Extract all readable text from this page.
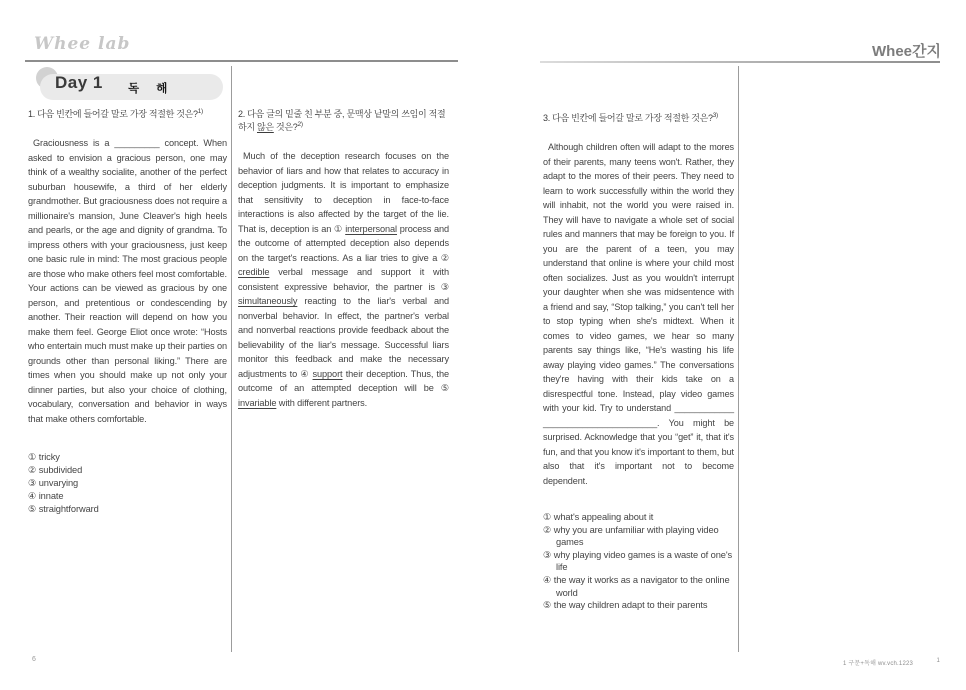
Whee lab	Whee간지
Day 1 독 해
1. 다음 빈칸에 들어갈 말로 가장 적절한 것은?$^{1)}$
Graciousness is a _________ concept. When asked to envision a gracious person, one may think of a wealthy socialite, another of the perfect suburban housewife, a third of her elderly grandmother. But graciousness does not require a millionaire's mansion, June Cleaver's high heels and pearls, or the age and dignity of grandma. To impress others with your graciousness, just keep one basic rule in mind: The most gracious people are those who make others feel most comfortable. Your actions can be viewed as gracious by one person, and pretentious or condescending by another. Their reaction will depend on how you make them feel. George Eliot once wrote: “Hosts who entertain much must make up their parties on grounds other than personal liking.” There are times when you should make up not only your dinner parties, but also your choice of clothing, vocabulary, conversation and behavior in ways that make others comfortable.
① tricky
② subdivided
③ unvarying
④ innate
⑤ straightforward
2. 다음 글의 밑줄 친 부분 중, 문맥상 낱말의 쓰임이 적절하지 않은 것은?$^{2)}$
Much of the deception research focuses on the behavior of liars and how that relates to accuracy in deception judgments. It is important to emphasize that sensitivity to deception in face-to-face interactions is also affected by the target of the lie. That is, deception is an ① interpersonal process and the outcome of attempted deception also depends on the target's reactions. As a liar tries to give a ② credible verbal message and support it with consistent expressive behavior, the partner is ③ simultaneously reacting to the liar's verbal and nonverbal behavior. In effect, the partner's verbal and nonverbal reactions provide feedback about the believability of the liar's message. Successful liars monitor this feedback and make the necessary adjustments to ④ support their deception. Thus, the outcome of an attempted deception will be ⑤ invariable with different partners.
3. 다음 빈칸에 들어갈 말로 가장 적절한 것은?$^{3)}$
Although children often will adapt to the mores of their parents, many teens won't. Rather, they adapt to the mores of their peers. They need to learn to work successfully within the world they will inhabit, not the world you were raised in. They will have to navigate a whole set of social rules and manners that may be foreign to you. If you are the parent of a teen, you may understand that online is where your child most often socializes. Just as you wouldn't interrupt your daughter when she was midsentence with a friend and say, “Stop talking,” you can't tell her to stop typing when she's midtext. When it comes to video games, we hear so many parents say things like, “He's wasting his life away playing video games.” The conversations they're having with their kids take on a disrespectful tone. Instead, play video games with your kid. Try to understand ____________ _______________________. You might be surprised. Acknowledge that you “get” it, that it's fun, and that you know it's important to them, but also that it's important not to become dependent.
① what's appealing about it
② why you are unfamiliar with playing video games
③ why playing video games is a waste of one's life
④ the way it works as a navigator to the online world
⑤ the way children adapt to their parents
6
1 구문+독해 wv.vch.1223	1
